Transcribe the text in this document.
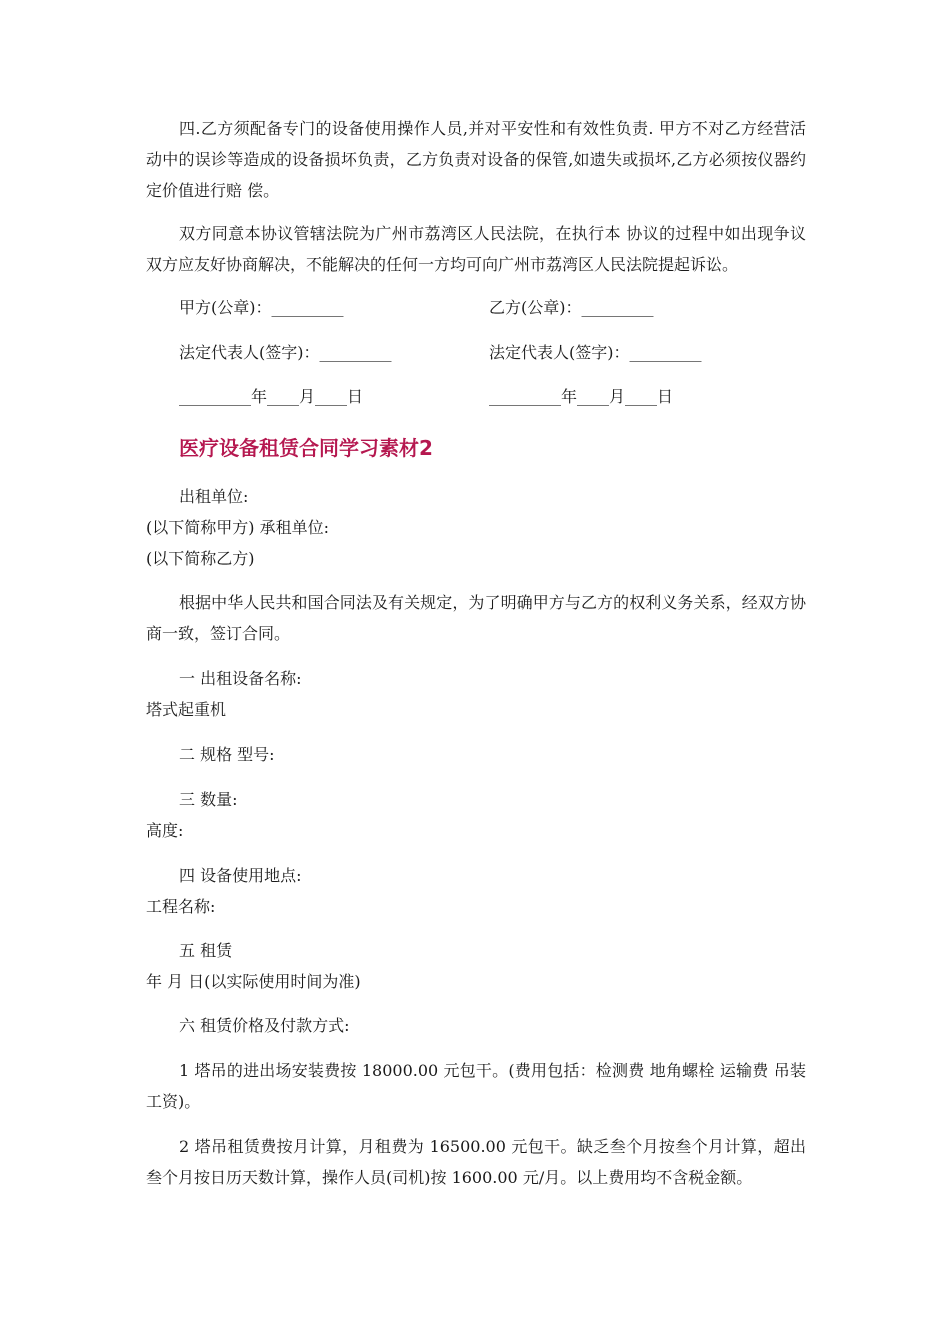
四.乙方须配备专门的设备使用操作人员,并对平安性和有效性负责. 甲方不对乙方经营活动中的误诊等造成的设备损坏负责，乙方负责对设备的保管,如遗失或损坏,乙方必须按仪器约定价值进行赔 偿。

双方同意本协议管辖法院为广州市荔湾区人民法院，在执行本 协议的过程中如出现争议双方应友好协商解决，不能解决的任何一方均可向广州市荔湾区人民法院提起诉讼。

甲方(公章)：_________	乙方(公章)：_________

法定代表人(签字)：_________	法定代表人(签字)：_________

_________年____月____日	_________年____月____日

医疗设备租赁合同学习素材2

出租单位:

(以下简称甲方) 承租单位:

(以下简称乙方)

根据中华人民共和国合同法及有关规定，为了明确甲方与乙方的权利义务关系，经双方协商一致，签订合同。

一 出租设备名称:

塔式起重机

二 规格 型号:

三 数量:

高度:

四 设备使用地点:

工程名称:

五 租赁

年 月 日(以实际使用时间为准)

六 租赁价格及付款方式:

1 塔吊的进出场安装费按 18000.00 元包干。(费用包括：检测费 地角螺栓 运输费 吊装 工资)。

2 塔吊租赁费按月计算，月租费为 16500.00 元包干。缺乏叁个月按叁个月计算，超出叁个月按日历天数计算，操作人员(司机)按 1600.00 元/月。以上费用均不含税金额。
